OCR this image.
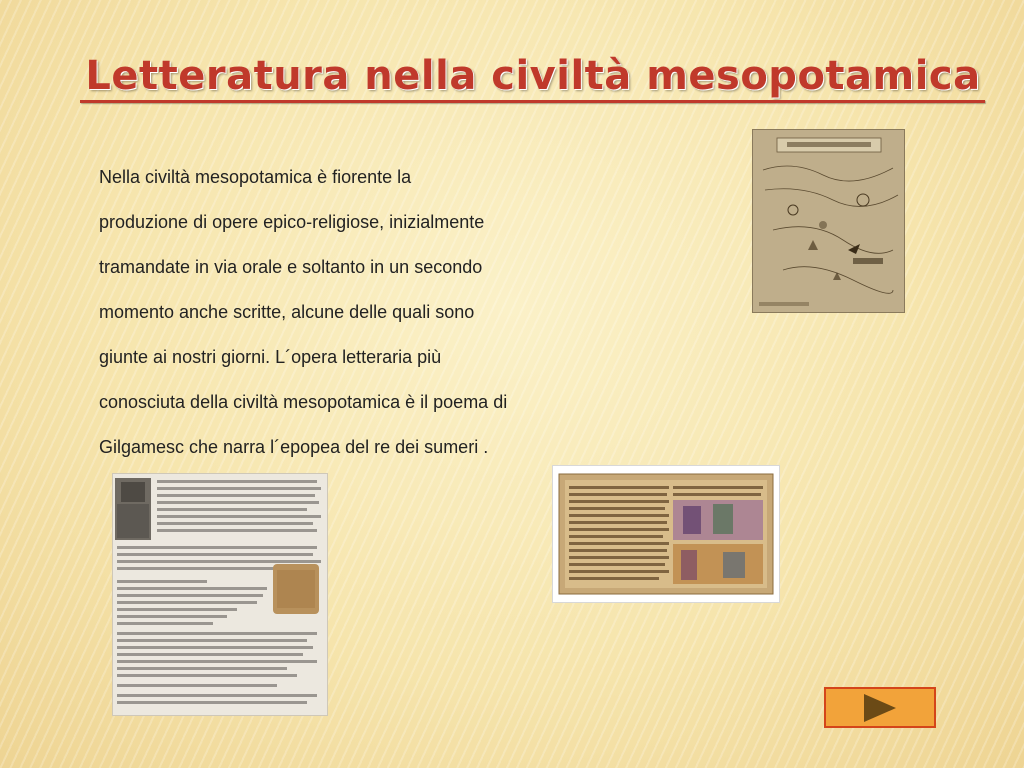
Letteratura nella civiltà mesopotamica
Nella civiltà mesopotamica è fiorente la
produzione di opere epico-religiose, inizialmente
tramandate in via orale e soltanto in un secondo
momento anche scritte, alcune delle quali sono
giunte ai nostri giorni. L´opera letteraria più
conosciuta della civiltà mesopotamica è il poema di
Gilgamesc che narra l´epopea del re dei sumeri .
